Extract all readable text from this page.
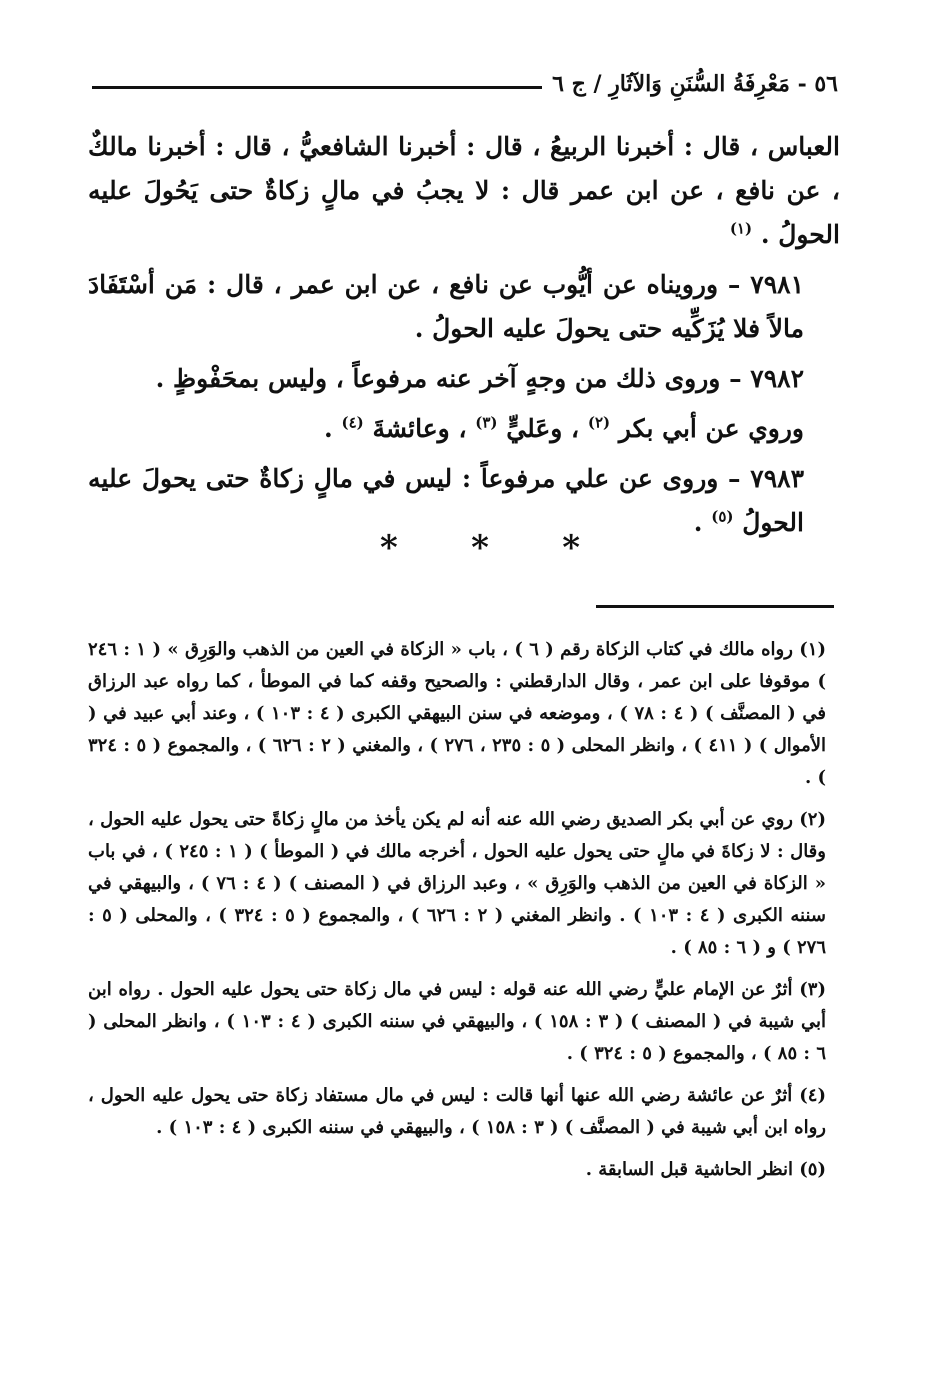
٥٦ - مَعْرِفَةُ السُّنَنِ وَالآثَارِ / ج ٦

العباس ، قال : أخبرنا الربيعُ ، قال : أخبرنا الشافعيُّ ، قال : أخبرنا مالكٌ ، عن نافع ، عن ابن عمر قال : لا يجبُ في مالٍ زكاةٌ حتى يَحُولَ عليه الحولُ . $^{(١)}$

٧٩٨١ – ورويناه عن أيُّوب عن نافع ، عن ابن عمر ، قال : مَن أسْتَفَادَ مالاً فلا يُزَكِّيه حتى يحولَ عليه الحولُ .

٧٩٨٢ – وروى ذلك من وجهٍ آخر عنه مرفوعاً ، وليس بمحَفْوظٍ .

وروي عن أبي بكر $^{(٢)}$ ، وعَليٍّ $^{(٣)}$ ، وعائشةَ $^{(٤)}$ .

٧٩٨٣ – وروى عن علي مرفوعاً : ليس في مالٍ زكاةٌ حتى يحولَ عليه الحولُ $^{(٥)}$ .

*
*
*

(١) رواه مالك في كتاب الزكاة رقم ( ٦ ) ، باب « الزكاة في العين من الذهب والوَرِق » ( ١ : ٢٤٦ ) موقوفا على ابن عمر ، وقال الدارقطني : والصحيح وقفه كما في الموطأ ، كما رواه عبد الرزاق في ( المصنَّف ) ( ٤ : ٧٨ ) ، وموضعه في سنن البيهقي الكبرى ( ٤ : ١٠٣ ) ، وعند أبي عبيد في ( الأموال ) ( ٤١١ ) ، وانظر المحلى ( ٥ : ٢٣٥ ، ٢٧٦ ) ، والمغني ( ٢ : ٦٢٦ ) ، والمجموع ( ٥ : ٣٢٤ ) .

(٢) روي عن أبي بكر الصديق رضي الله عنه أنه لم يكن يأخذ من مالٍ زكاةً حتى يحول عليه الحول ، وقال : لا زكاةَ في مالٍ حتى يحول عليه الحول ، أخرجه مالك في ( الموطأ ) ( ١ : ٢٤٥ ) ، في باب « الزكاة في العين من الذهب والوَرِق » ، وعبد الرزاق في ( المصنف ) ( ٤ : ٧٦ ) ، والبيهقي في سننه الكبرى ( ٤ : ١٠٣ ) . وانظر المغني ( ٢ : ٦٢٦ ) ، والمجموع ( ٥ : ٣٢٤ ) ، والمحلى ( ٥ : ٢٧٦ ) و ( ٦ : ٨٥ ) .

(٣) أثرٌ عن الإمام عليٍّ رضي الله عنه قوله : ليس في مال زكاة حتى يحول عليه الحول . رواه ابن أبي شيبة في ( المصنف ) ( ٣ : ١٥٨ ) ، والبيهقي في سننه الكبرى ( ٤ : ١٠٣ ) ، وانظر المحلى ( ٦ : ٨٥ ) ، والمجموع ( ٥ : ٣٢٤ ) .

(٤) أثرٌ عن عائشة رضي الله عنها أنها قالت : ليس في مال مستفاد زكاة حتى يحول عليه الحول ، رواه ابن أبي شيبة في ( المصنَّف ) ( ٣ : ١٥٨ ) ، والبيهقي في سننه الكبرى ( ٤ : ١٠٣ ) .

(٥) انظر الحاشية قبل السابقة .
